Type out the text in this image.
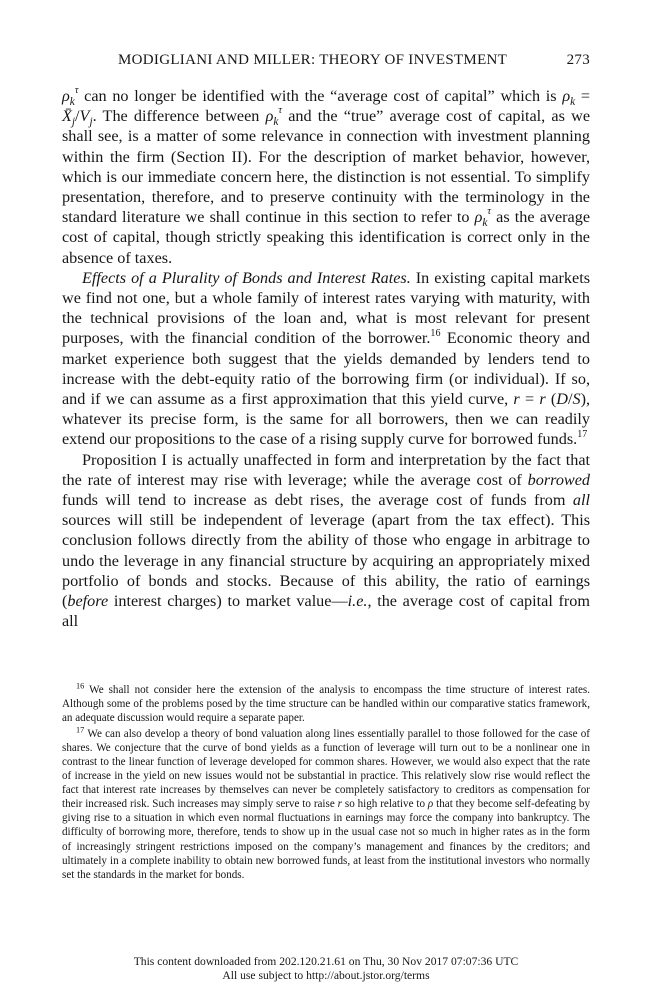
MODIGLIANI AND MILLER: THEORY OF INVESTMENT	273

$\rho_k^\tau$ can no longer be identified with the “average cost of capital” which is $\rho_k$ = $X̄_j/V_j$. The difference between $\rho_k^\tau$ and the “true” average cost of capital, as we shall see, is a matter of some relevance in connection with investment planning within the firm (Section II). For the description of market behavior, however, which is our immediate concern here, the distinction is not essential. To simplify presentation, therefore, and to preserve continuity with the terminology in the standard literature we shall continue in this section to refer to $\rho_k^\tau$ as the average cost of capital, though strictly speaking this identification is correct only in the absence of taxes.

Effects of a Plurality of Bonds and Interest Rates. In existing capital markets we find not one, but a whole family of interest rates varying with maturity, with the technical provisions of the loan and, what is most relevant for present purposes, with the financial condition of the borrower.$^{16}$ Economic theory and market experience both suggest that the yields demanded by lenders tend to increase with the debt-equity ratio of the borrowing firm (or individual). If so, and if we can assume as a first approximation that this yield curve, r = r (D/S), whatever its precise form, is the same for all borrowers, then we can readily extend our propositions to the case of a rising supply curve for borrowed funds.$^{17}$

Proposition I is actually unaffected in form and interpretation by the fact that the rate of interest may rise with leverage; while the average cost of borrowed funds will tend to increase as debt rises, the average cost of funds from all sources will still be independent of leverage (apart from the tax effect). This conclusion follows directly from the ability of those who engage in arbitrage to undo the leverage in any financial structure by acquiring an appropriately mixed portfolio of bonds and stocks. Because of this ability, the ratio of earnings (before interest charges) to market value—i.e., the average cost of capital from all

$^{16}$ We shall not consider here the extension of the analysis to encompass the time structure of interest rates. Although some of the problems posed by the time structure can be handled within our comparative statics framework, an adequate discussion would require a separate paper.

$^{17}$ We can also develop a theory of bond valuation along lines essentially parallel to those followed for the case of shares. We conjecture that the curve of bond yields as a function of leverage will turn out to be a nonlinear one in contrast to the linear function of leverage developed for common shares. However, we would also expect that the rate of increase in the yield on new issues would not be substantial in practice. This relatively slow rise would reflect the fact that interest rate increases by themselves can never be completely satisfactory to creditors as compensation for their increased risk. Such increases may simply serve to raise r so high relative to ρ that they become self-defeating by giving rise to a situation in which even normal fluctuations in earnings may force the company into bankruptcy. The difficulty of borrowing more, therefore, tends to show up in the usual case not so much in higher rates as in the form of increasingly stringent restrictions imposed on the company’s management and finances by the creditors; and ultimately in a complete inability to obtain new borrowed funds, at least from the institutional investors who normally set the standards in the market for bonds.

This content downloaded from 202.120.21.61 on Thu, 30 Nov 2017 07:07:36 UTC
All use subject to http://about.jstor.org/terms
